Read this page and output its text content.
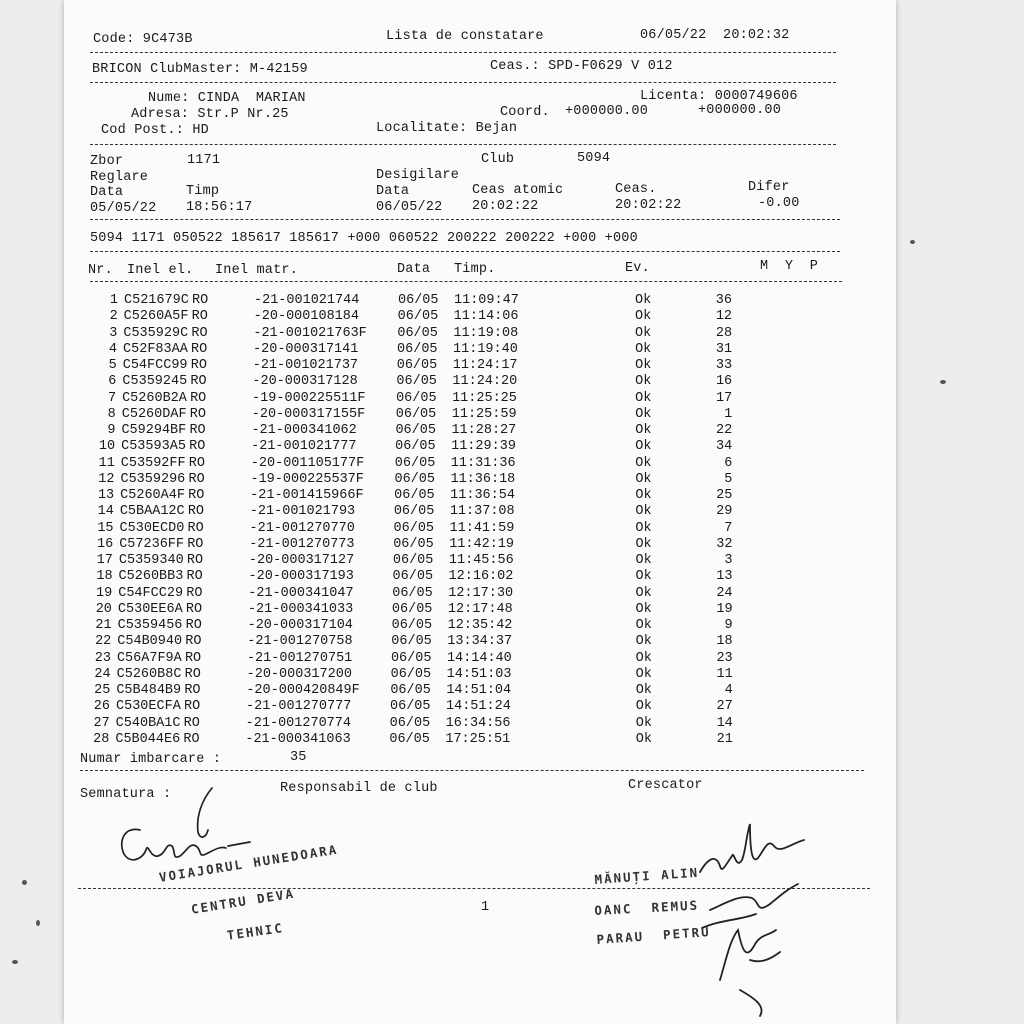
Code: 9C473B	Lista de constatare	06/05/22  20:02:32
BRICON ClubMaster: M-42159	Ceas.: SPD-F0629 V 012
Nume: CINDA  MARIAN	Licenta: 0000749606
Adresa: Str.P Nr.25	Coord. +000000.00	+000000.00
Cod Post.: HD	Localitate: Bejan
Zbor	1171	Club	5094
Reglare	Desigilare
Data	Timp	Data	Ceas atomic	Ceas.	Difer
05/05/22 18:56:17	06/05/22 20:02:22	20:02:22	-0.00
5094 1171 050522 185617 185617 +000 060522 200222 200222 +000 +000
Nr. Inel el. Inel matr.	Data Timp.	Ev.	M  Y  P
1 C521679C RO	-21-001021744	06/05 11:09:47	Ok	36
2 C5260A5F RO	-20-000108184	06/05 11:14:06	Ok	12
3 C535929C RO	-21-001021763F 06/05 11:19:08	Ok	28
4 C52F83AA RO	-20-000317141	06/05 11:19:40	Ok	31
5 C54FCC99 RO	-21-001021737	06/05 11:24:17	Ok	33
6 C5359245 RO	-20-000317128	06/05 11:24:20	Ok	16
7 C5260B2A RO	-19-000225511F 06/05 11:25:25	Ok	17
8 C5260DAF RO	-20-000317155F 06/05 11:25:59	Ok	1
9 C59294BF RO	-21-000341062	06/05 11:28:27	Ok	22
10 C53593A5 RO	-21-001021777	06/05 11:29:39	Ok	34
11 C53592FF RO	-20-001105177F 06/05 11:31:36	Ok	6
12 C5359296 RO	-19-000225537F 06/05 11:36:18	Ok	5
13 C5260A4F RO	-21-001415966F 06/05 11:36:54	Ok	25
14 C5BAA12C RO	-21-001021793	06/05 11:37:08	Ok	29
15 C530ECD0 RO	-21-001270770	06/05 11:41:59	Ok	7
16 C57236FF RO	-21-001270773	06/05 11:42:19	Ok	32
17 C5359340 RO	-20-000317127	06/05 11:45:56	Ok	3
18 C5260BB3 RO	-20-000317193	06/05 12:16:02	Ok	13
19 C54FCC29 RO	-21-000341047	06/05 12:17:30	Ok	24
20 C530EE6A RO	-21-000341033	06/05 12:17:48	Ok	19
21 C5359456 RO	-20-000317104	06/05 12:35:42	Ok	9
22 C54B0940 RO	-21-001270758	06/05 13:34:37	Ok	18
23 C56A7F9A RO	-21-001270751	06/05 14:14:40	Ok	23
24 C5260B8C RO	-20-000317200	06/05 14:51:03	Ok	11
25 C5B484B9 RO	-20-000420849F 06/05 14:51:04	Ok	4
26 C530ECFA RO	-21-001270777	06/05 14:51:24	Ok	27
27 C540BA1C RO	-21-001270774	06/05 16:34:56	Ok	14
28 C5B044E6 RO	-21-000341063	06/05 17:25:51	Ok	21
Numar imbarcare :	35
Semnatura :	Responsabil de club	Crescator
1
VOIAJORUL HUNEDOARA
CENTRU DEVA
TEHNIC
MĂNUȚI ALIN
OANC  REMUS
PARAU  PETRU
